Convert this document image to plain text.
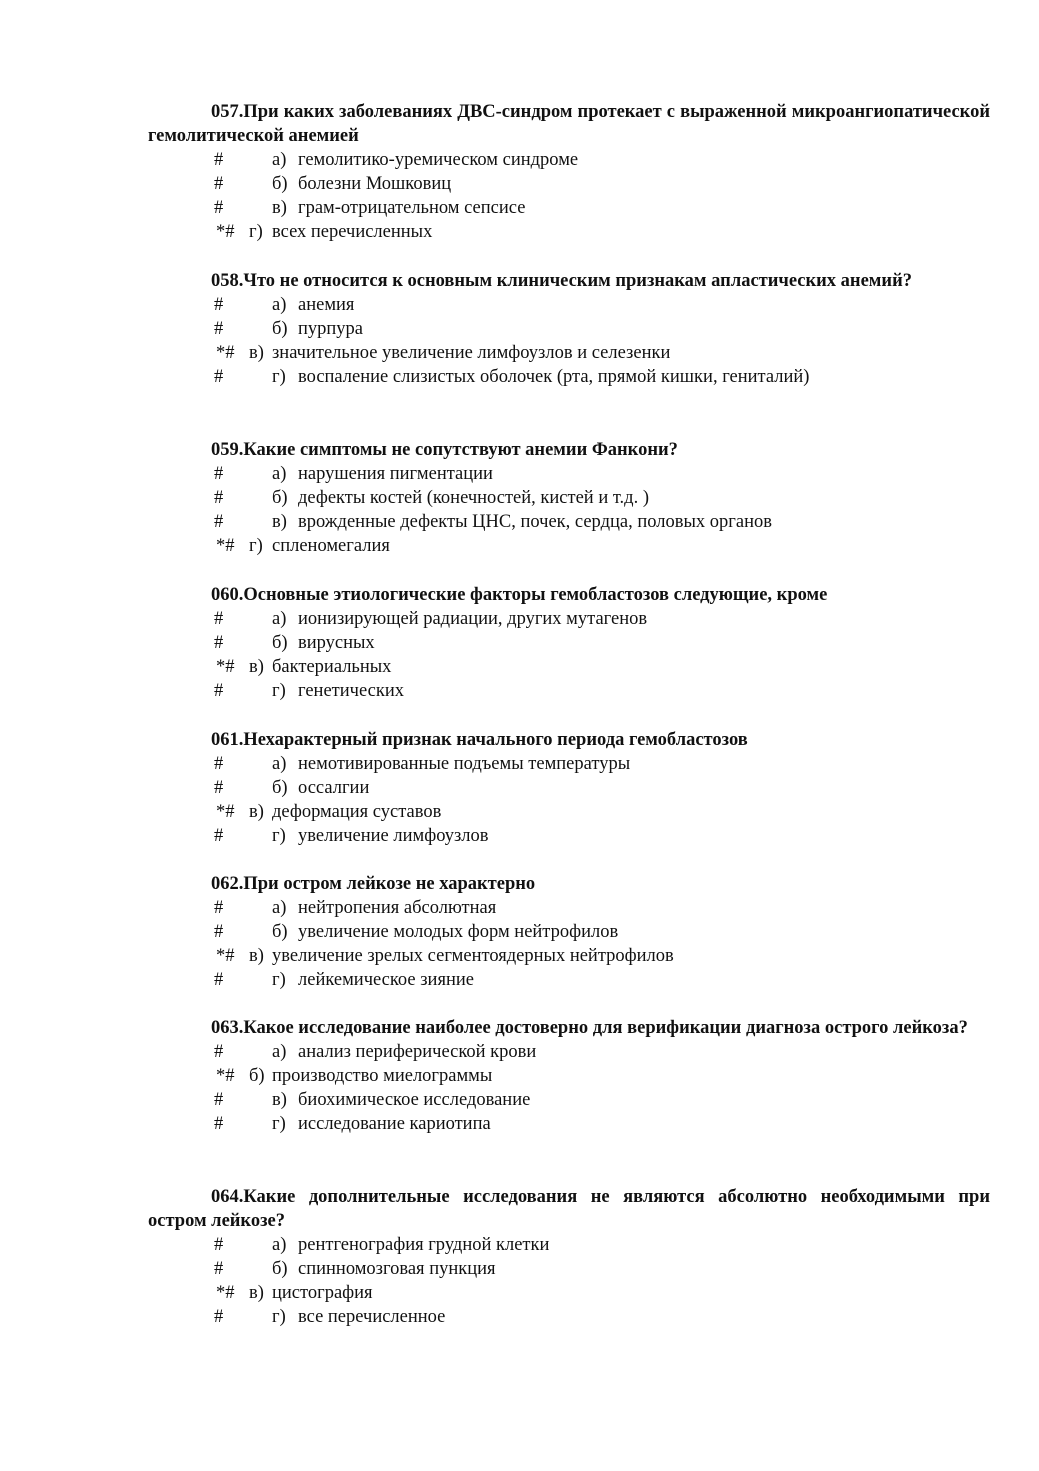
057.При каких заболеваниях ДВС-синдром протекает с выраженной микроангиопатической гемолитической анемией

#	а) гемолитико-уремическом синдроме
#	б) болезни Мошковиц
#	в) грам-отрицательном сепсисе
*# г) всех перечисленных

058.Что не относится к основным клиническим признакам апластических анемий?

#	а) анемия
#	б) пурпура
*# в) значительное увеличение лимфоузлов и селезенки
#	г) воспаление слизистых оболочек (рта, прямой кишки, гениталий)

059.Какие симптомы не сопутствуют анемии Фанкони?

#	а) нарушения пигментации
#	б) дефекты костей (конечностей, кистей и т.д. )
#	в) врожденные дефекты ЦНС, почек, сердца, половых органов
*# г) спленомегалия

060.Основные этиологические факторы гемобластозов следующие, кроме

#	а) ионизирующей радиации, других мутагенов
#	б) вирусных
*# в) бактериальных
#	г) генетических

061.Нехарактерный признак начального периода гемобластозов

#	а) немотивированные подъемы температуры
#	б) оссалгии
*# в) деформация суставов
#	г) увеличение лимфоузлов

062.При остром лейкозе не характерно

#	а) нейтропения абсолютная
#	б) увеличение молодых форм нейтрофилов
*# в) увеличение зрелых сегментоядерных нейтрофилов
#	г) лейкемическое зияние

063.Какое исследование наиболее достоверно для верификации диагноза острого лейкоза?

#	а) анализ периферической крови
*# б) производство миелограммы
#	в) биохимическое исследование
#	г) исследование кариотипа

064.Какие дополнительные исследования не являются абсолютно необходимыми при остром лейкозе?

#	а) рентгенография грудной клетки
#	б) спинномозговая пункция
*# в) цистография
#	г) все перечисленное
